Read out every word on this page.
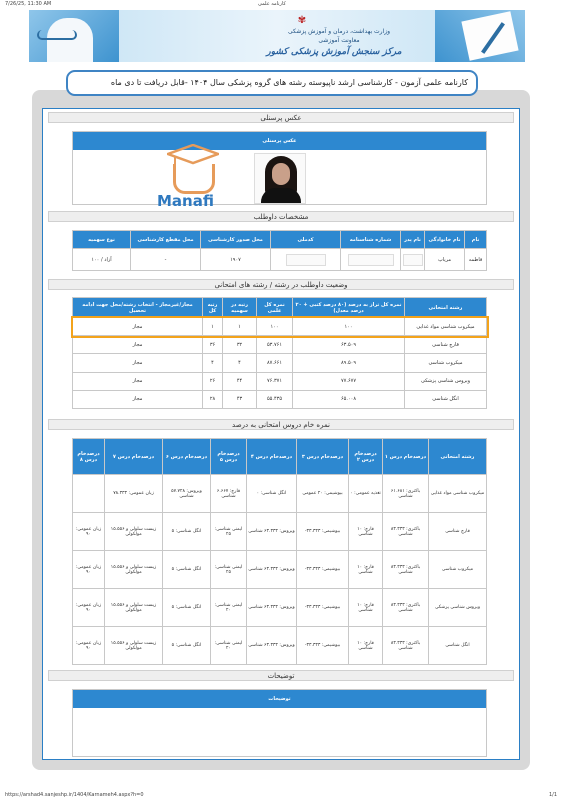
7/26/25, 11:30 AM	کارنامه علمی
✾
وزارت بهداشت، درمان و آموزش پزشکی
معاونت آموزشی
مرکز سنجش آموزش پزشکی کشور
کارنامه علمی آزمون - کارشناسی ارشد ناپیوسته رشته های گروه پزشکی سال ۱۴۰۴ -قابل دریافت تا دی ماه
عکس پرسنلی
عکس پرسنلی
Manafi
مشخصات داوطلب
نام	نام خانوادگی	نام پدر	شماره‌ شناسنامه	کدملی	محل صدور کارشناسی	محل مقطع کارشناسی	نوع سهمیه
فاطمه	مریاپ				۱۹۰۷	-	آزاد / ۱۰۰
وضعیت داوطلب در رشته / رشته های امتحانی
رشته امتحانی	نمره کل تراز به درصد (۸۰ درصد کتبی + ۲۰ درصد معدل)	نمره کل علمی	رتبه در سهمیه	رتبه کل	مجاز/غیرمجاز - انتخاب رشته/محل جهت ادامه تحصیل
میکروب شناسی مواد غذایی	۱۰۰	۱۰۰	۱	۱	مجاز
قارچ شناسی	۶۳.۵۰۹	۵۳.۷۶۱	۳۲	۳۶	مجاز
میکروب شناسی	۸۹.۵۰۹	۸۷.۶۶۱	۴	۴	مجاز
ویروس شناسی پزشکی	۷۷.۶۷۷	۷۶.۳۷۱	۴۴	۲۶	مجاز
انگل شناسی	۶۵.۰۰۸	۵۵.۴۳۵	۴۳	۲۸	مجاز
نمره خام دروس امتحانی به درصد
رشته امتحانی	درصدخام درس ۱	درصدخام درس ۲	درصدخام درس ۳	درصدخام درس ۴	درصدخام درس ۵	درصدخام درس ۶	درصدخام درس ۷	درصدخام درس ۸
میکروب شناسی مواد غذایی	باکتری: ۶۱.۶۸۱ شناسی	تغذیه عمومی: ۰	بیوشیمی: ۲۰ عمومی	انگل شناسی: ۰	قارچ: ۶.۶۶۷ شناسی	ویروس: ۵۷.۷۲۸ شناسی	زبان عمومی: ۷۸.۳۳۳	
قارچ شناسی	باکتری: ۸۳.۳۳۳ شناسی	قارچ: ۱۰ شناسی	بیوشیمی: ۳۳.۳۳۳-	ویروس: ۶۳.۳۳۳ شناسی	ایمنی شناسی: ۲۵	انگل شناسی: ۵	زیست سلولی و ۱۵.۵۵۶ مولکولی	زبان عمومی: ۹۰
میکروب شناسی	باکتری: ۸۳.۳۳۳ شناسی	قارچ: ۱۰ شناسی	بیوشیمی: ۳۳.۳۳۳-	ویروس: ۶۳.۳۳۳ شناسی	ایمنی شناسی: ۲۵	انگل شناسی: ۵	زیست سلولی و ۱۵.۵۵۶ مولکولی	زبان عمومی: ۹۰
ویروس شناسی پزشکی	باکتری: ۸۳.۳۳۳ شناسی	قارچ: ۱۰ شناسی	بیوشیمی: ۳۳.۳۳۳-	ویروس: ۶۳.۳۳۳ شناسی	ایمنی شناسی: ۲۰	انگل شناسی: ۵	زیست سلولی و ۱۵.۵۵۶ مولکولی	زبان عمومی: ۹۰
انگل شناسی	باکتری: ۸۳.۳۳۳ شناسی	قارچ: ۱۰ شناسی	بیوشیمی: ۳۳.۳۳۳-	ویروس: ۶۳.۳۳۳ شناسی	ایمنی شناسی: ۲۰	انگل شناسی: ۵	زیست سلولی و ۱۵.۵۵۶ مولکولی	زبان عمومی: ۹۰
توضیحات
توضیحات
https://arshad4.sanjeshp.ir/1404/Karnameh4.aspx?h=0	1/1
